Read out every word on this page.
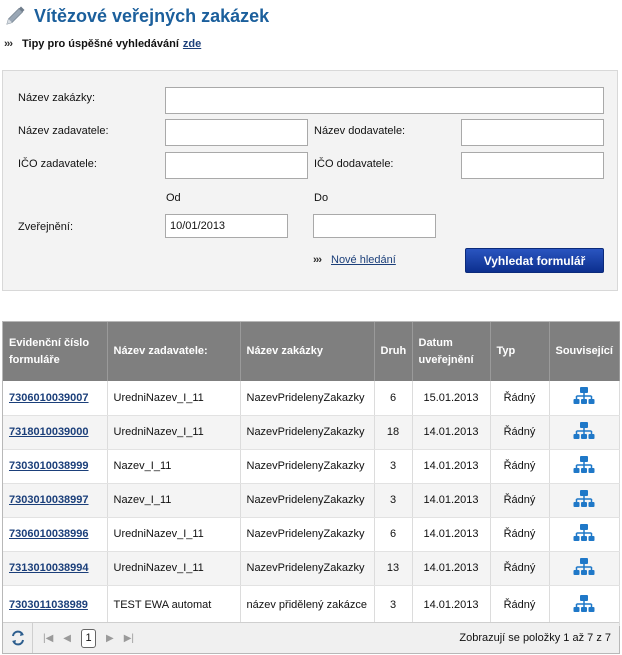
Vítězové veřejných zakázek
››› Tipy pro úspěšné vyhledávání zde
Název zakázky:
Název zadavatele:	Název dodavatele:
IČO zadavatele:	IČO dodavatele:
Od	Do
Zveřejnění:
10/01/2013
››› Nové hledání	Vyhledat formulář
Evidenční číslo formuláře	Název zadavatele:	Název zakázky	Druh	Datum uveřejnění	Typ	Související
7306010039007	UredniNazev_I_11	NazevPridelenyZakazky	6	15.01.2013	Řádný	
7318010039000	UredniNazev_I_11	NazevPridelenyZakazky	18	14.01.2013	Řádný	
7303010038999	Nazev_I_11	NazevPridelenyZakazky	3	14.01.2013	Řádný	
7303010038997	Nazev_I_11	NazevPridelenyZakazky	3	14.01.2013	Řádný	
7306010038996	UredniNazev_I_11	NazevPridelenyZakazky	6	14.01.2013	Řádný	
7313010038994	UredniNazev_I_11	NazevPridelenyZakazky	13	14.01.2013	Řádný	
7303011038989	TEST EWA automat	název přidělený zakázce	3	14.01.2013	Řádný	
|◀ ◀	1	▶ ▶|	Zobrazují se položky 1 až 7 z 7
